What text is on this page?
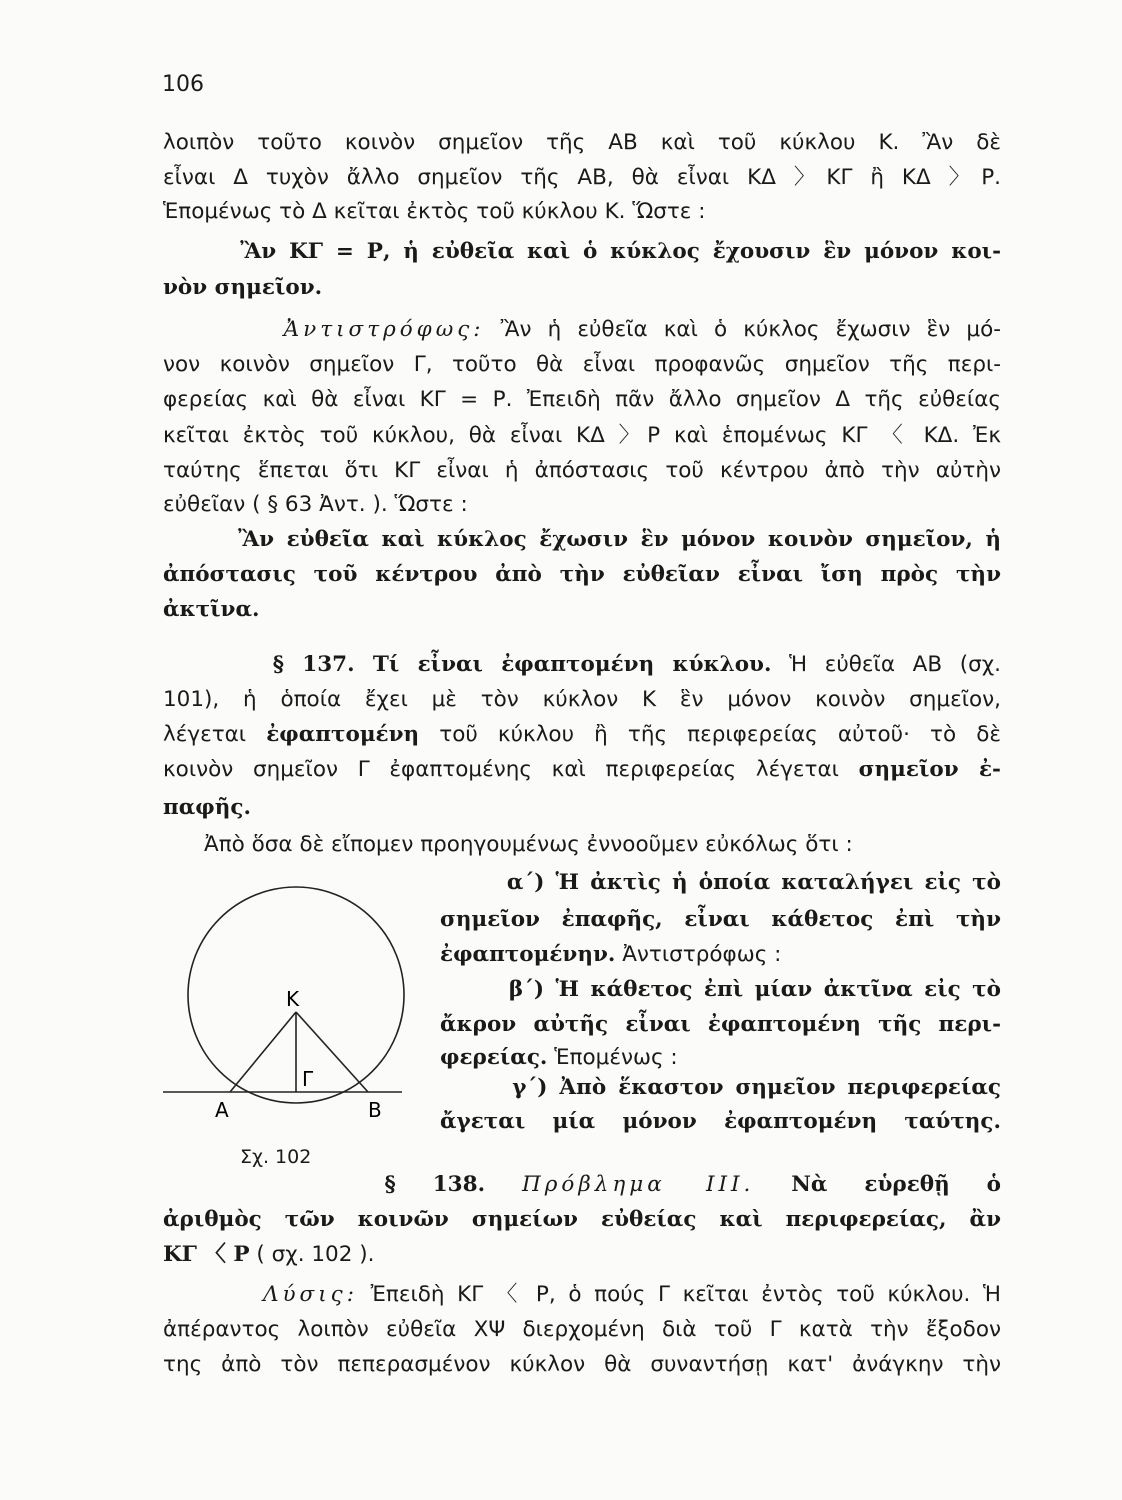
106
λοιπὸν τοῦτο κοινὸν σημεῖον τῆς ΑΒ καὶ τοῦ κύκλου Κ. Ἂν δὲ
εἶναι Δ τυχὸν ἄλλο σημεῖον τῆς ΑΒ, θὰ εἶναι ΚΔ 〉ΚΓ ἢ ΚΔ 〉Ρ.
Ἑπομένως τὸ Δ κεῖται ἐκτὸς τοῦ κύκλου Κ. Ὥστε :
Ἂν ΚΓ = Ρ, ἡ εὐθεῖα καὶ ὁ κύκλος ἔχουσιν ἓν μόνον κοι-
νὸν σημεῖον.
Ἀντιστρόφως: Ἂν ἡ εὐθεῖα καὶ ὁ κύκλος ἔχωσιν ἓν μό-
νον κοινὸν σημεῖον Γ, τοῦτο θὰ εἶναι προφανῶς σημεῖον τῆς περι-
φερείας καὶ θὰ εἶναι ΚΓ = Ρ. Ἐπειδὴ πᾶν ἄλλο σημεῖον Δ τῆς εὐθείας
κεῖται ἐκτὸς τοῦ κύκλου, θὰ εἶναι ΚΔ 〉Ρ καὶ ἑπομένως ΚΓ 〈 ΚΔ. Ἐκ
ταύτης ἕπεται ὅτι ΚΓ εἶναι ἡ ἀπόστασις τοῦ κέντρου ἀπὸ τὴν αὐτὴν
εὐθεῖαν ( § 63 Ἀντ. ). Ὥστε :
Ἂν εὐθεῖα καὶ κύκλος ἔχωσιν ἓν μόνον κοινὸν σημεῖον, ἡ
ἀπόστασις τοῦ κέντρου ἀπὸ τὴν εὐθεῖαν εἶναι ἴση πρὸς τὴν
ἀκτῖνα.
§ 137. Τί εἶναι ἐφαπτομένη κύκλου. Ἡ εὐθεῖα ΑΒ (σχ.
101), ἡ ὁποία ἔχει μὲ τὸν κύκλον Κ ἓν μόνον κοινὸν σημεῖον,
λέγεται ἐφαπτομένη τοῦ κύκλου ἢ τῆς περιφερείας αὐτοῦ· τὸ δὲ
κοινὸν σημεῖον Γ ἐφαπτομένης καὶ περιφερείας λέγεται σημεῖον ἐ-
παφῆς.
Ἀπὸ ὅσα δὲ εἴπομεν προηγουμένως ἐννοοῦμεν εὐκόλως ὅτι :
α΄) Ἡ ἀκτὶς ἡ ὁποία καταλήγει εἰς τὸ
σημεῖον ἐπαφῆς, εἶναι κάθετος ἐπὶ τὴν
ἐφαπτομένην. Ἀντιστρόφως :
β΄) Ἡ κάθετος ἐπὶ μίαν ἀκτῖνα εἰς τὸ
ἄκρον αὐτῆς εἶναι ἐφαπτομένη τῆς περι-
φερείας. Ἑπομένως :
γ΄) Ἀπὸ ἕκαστον σημεῖον περιφερείας
ἄγεται μία μόνον ἐφαπτομένη ταύτης.
§ 138. Πρόβλημα ΙΙΙ. Νὰ εὑρεθῇ ὁ
ἀριθμὸς τῶν κοινῶν σημείων εὐθείας καὶ περιφερείας, ἂν
ΚΓ 〈 Ρ ( σχ. 102 ).
Λύσις: Ἐπειδὴ ΚΓ 〈 Ρ, ὁ πούς Γ κεῖται ἐντὸς τοῦ κύκλου. Ἡ
ἀπέραντος λοιπὸν εὐθεῖα ΧΨ διερχομένη διὰ τοῦ Γ κατὰ τὴν ἔξοδον
της ἀπὸ τὸν πεπερασμένον κύκλον θὰ συναντήσῃ κατ' ἀνάγκην τὴν
Κ
Γ
Α	Β
Σχ. 102
